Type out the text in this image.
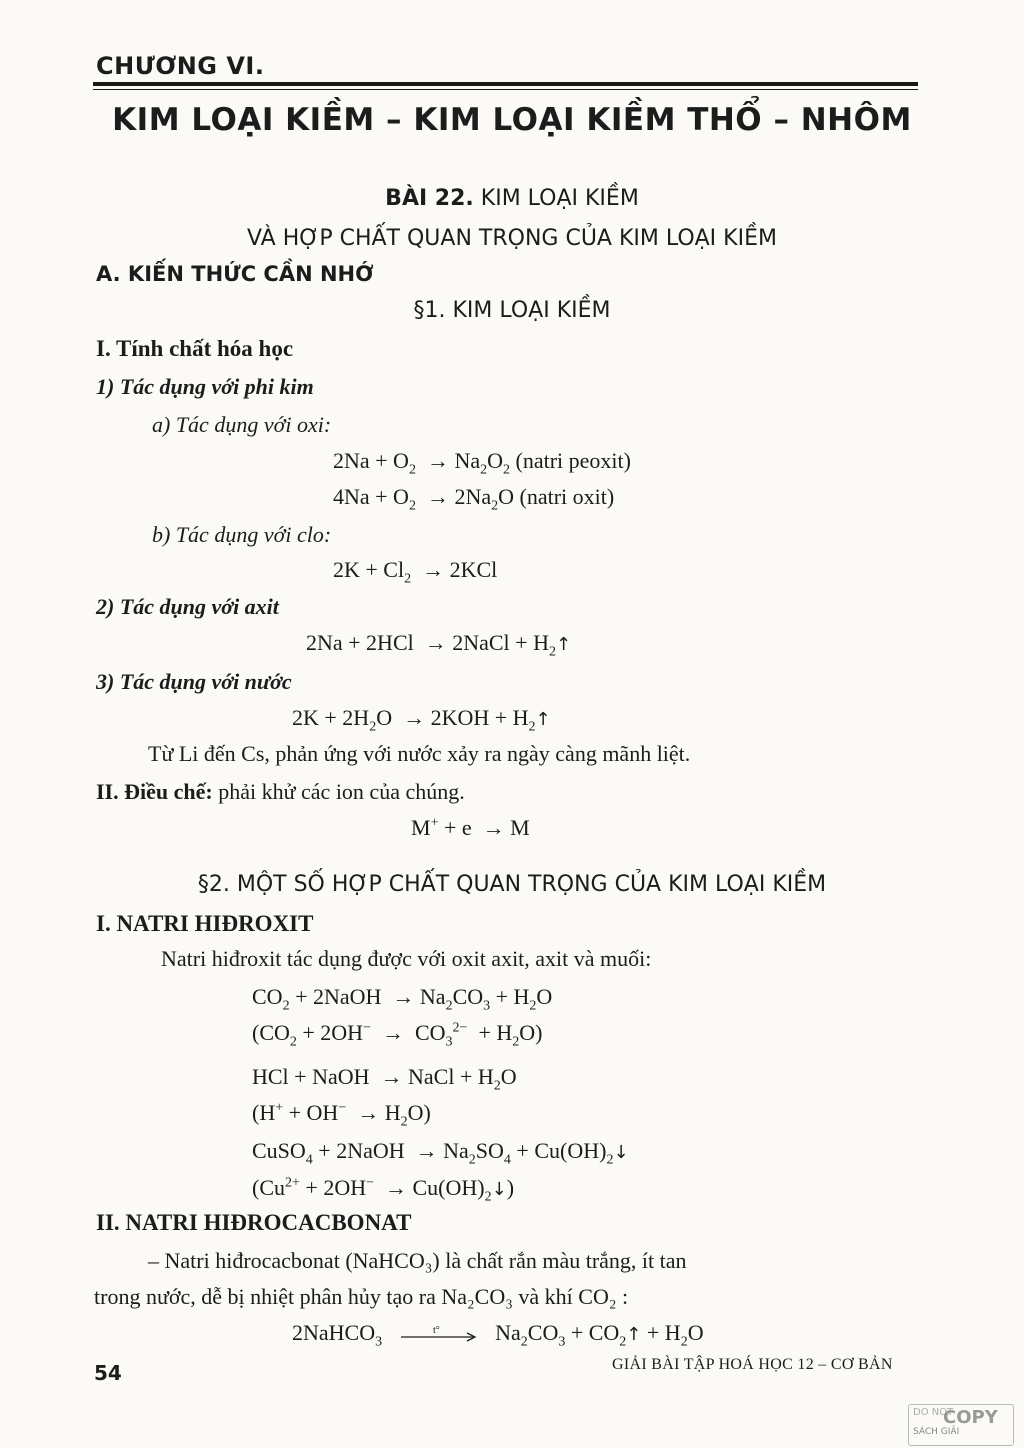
CHƯƠNG VI.
KIM LOẠI KIỀM – KIM LOẠI KIỀM THỔ – NHÔM
BÀI 22. KIM LOẠI KIỀM
VÀ HỢP CHẤT QUAN TRỌNG CỦA KIM LOẠI KIỀM
A. KIẾN THỨC CẦN NHỚ
§1. KIM LOẠI KIỀM
I. Tính chất hóa học
1) Tác dụng với phi kim
a) Tác dụng với oxi:
$2Na + O_2 \to Na_2O_2$ (natri peoxit)
$4Na + O_2 \to 2Na_2O$ (natri oxit)
b) Tác dụng với clo:
$2K + Cl_2 \to 2KCl$
2) Tác dụng với axit
2Na + 2HCl  → 2NaCl + $H_2↑$
3) Tác dụng với nước
$2K + 2H_2O \to 2KOH$ + $H_2↑$
Từ Li đến Cs, phản ứng với nước xảy ra ngày càng mãnh liệt.
II. Điều chế: phải khử các ion của chúng.
M+ + e  → M
§2. MỘT SỐ HỢP CHẤT QUAN TRỌNG CỦA KIM LOẠI KIỀM
I. NATRI HIĐROXIT
Natri hiđroxit tác dụng được với oxit axit, axit và muối:
$CO_2$ + 2NaOH  → $Na_2CO_3 + H_2O$
$(CO_2 + 2OH^- \to CO_3^{2-} + H_2O)$
HCl + NaOH  → NaCl + $H_2O$
$(H^+ + OH^- \to H_2O)$
CuSO$_4$ + 2NaOH  → $Na_2SO_4$ + $Cu(OH)_2↓$
($Cu^{2+} + 2OH^-$  → $Cu(OH)_2↓$)
II. NATRI HIĐROCACBONAT
– Natri hiđrocacbonat (NaHCO₃) là chất rắn màu trắng, ít tan
trong nước, dễ bị nhiệt phân hủy tạo ra Na₂CO₃ và khí CO₂ :
2NaHCO$_3$
t° $Na_2CO_3$ + $CO_2↑ + H_2O$
54	GIẢI BÀI TẬP HOÁ HỌC 12 – CƠ BẢN
DO NOT
COPY
SÁCH GIẢI
